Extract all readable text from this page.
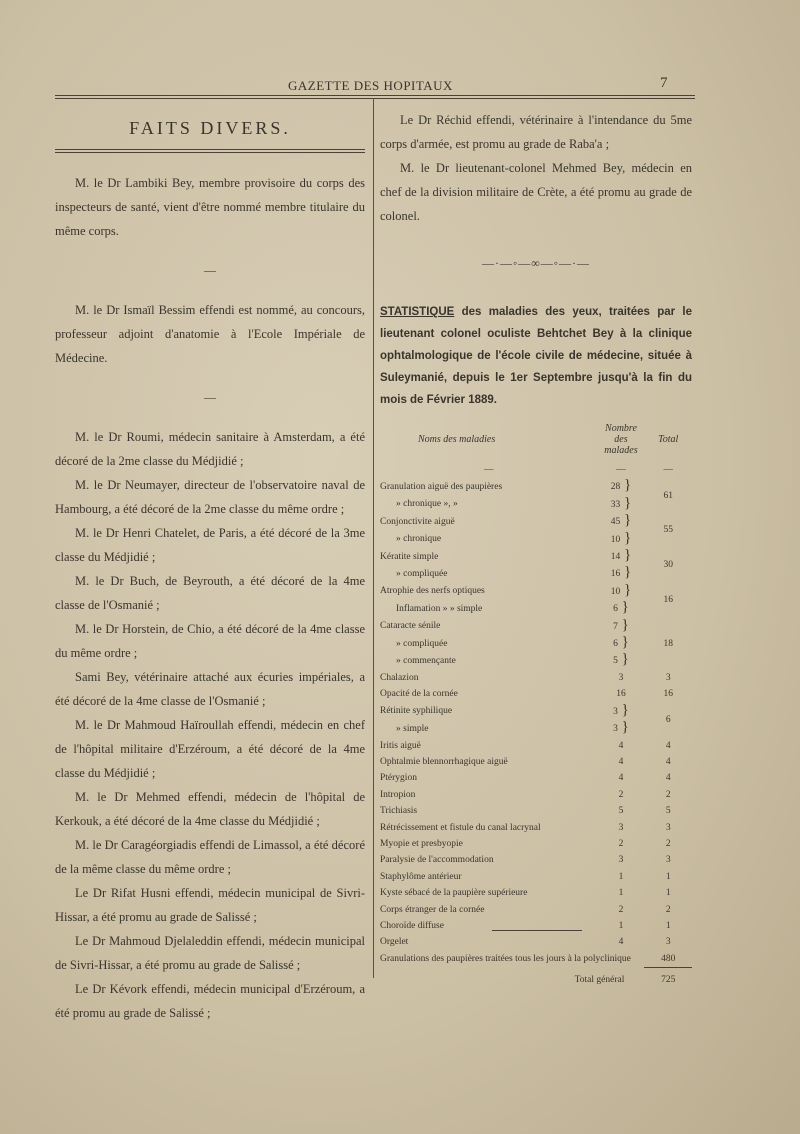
GAZETTE DES HOPITAUX	7
FAITS DIVERS.

M. le Dr Lambiki Bey, membre provisoire du corps des inspecteurs de santé, vient d'être nommé membre titulaire du même corps.

—

M. le Dr Ismaïl Bessim effendi est nommé, au concours, professeur adjoint d'anatomie à l'Ecole Impériale de Médecine.

—

M. le Dr Roumi, médecin sanitaire à Amsterdam, a été décoré de la 2me classe du Médjidié ;

M. le Dr Neumayer, directeur de l'observatoire naval de Hambourg, a été décoré de la 2me classe du même ordre ;

M. le Dr Henri Chatelet, de Paris, a été décoré de la 3me classe du Médjidié ;

M. le Dr Buch, de Beyrouth, a été décoré de la 4me classe de l'Osmanié ;

M. le Dr Horstein, de Chio, a été décoré de la 4me classe du même ordre ;

Sami Bey, vétérinaire attaché aux écuries impériales, a été décoré de la 4me classe de l'Osmanié ;

M. le Dr Mahmoud Haïroullah effendi, médecin en chef de l'hôpital militaire d'Erzéroum, a été décoré de la 4me classe du Médjidié ;

M. le Dr Mehmed effendi, médecin de l'hôpital de Kerkouk, a été décoré de la 4me classe du Médjidié ;

M. le Dr Caragéorgiadis effendi de Limassol, a été décoré de la même classe du même ordre ;

Le Dr Rifat Husni effendi, médecin municipal de Sivri-Hissar, a été promu au grade de Salissé ;

Le Dr Mahmoud Djelaleddin effendi, médecin municipal de Sivri-Hissar, a été promu au grade de Salissé ;

Le Dr Kévork effendi, médecin municipal d'Erzéroum, a été promu au grade de Salissé ;

Le Dr Réchid effendi, vétérinaire à l'intendance du 5me corps d'armée, est promu au grade de Raba'a ;

M. le Dr lieutenant-colonel Mehmed Bey, médecin en chef de la division militaire de Crète, a été promu au grade de colonel.

—·—◦—∞—◦—·—

STATISTIQUE des maladies des yeux, traitées par le lieutenant colonel oculiste Behtchet Bey à la clinique ophtalmologique de l'école civile de médecine, située à Suleymanié, depuis le 1er Septembre jusqu'à la fin du mois de Février 1889.

Noms des maladies	Nombre des malades	Total
—	—	—
Granulation aiguë des paupières	28 }	61
» chronique », »	33 }	
Conjonctivite aiguë	45 }	55
» chronique	10 }	
Kératite simple	14 }	30
» compliquée	16 }	
Atrophie des nerfs optiques	10 }	16
Inflamation » » simple	6 }	
Cataracte sénile	7 }	18
» compliquée	6 }	
» commençante	5 }	
Chalazion	3	3
Opacité de la cornée	16	16
Rétinite syphilique	3 }	6
» simple	3 }	
Iritis aiguë	4	4
Ophtalmie blennorrhagique aiguë	4	4
Ptérygion	4	4
Intropion	2	2
Trichiasis	5	5
Rétrécissement et fistule du canal lacrynal	3	3
Myopie et presbyopie	2	2
Paralysie de l'accommodation	3	3
Staphylôme antérieur	1	1
Kyste sébacé de la paupière supérieure	1	1
Corps étranger de la cornée	2	2
Choroïde diffuse	1	1
Orgelet	4	3
Granulations des paupières traitées tous les jours à la polyclinique		480
Total général		725
